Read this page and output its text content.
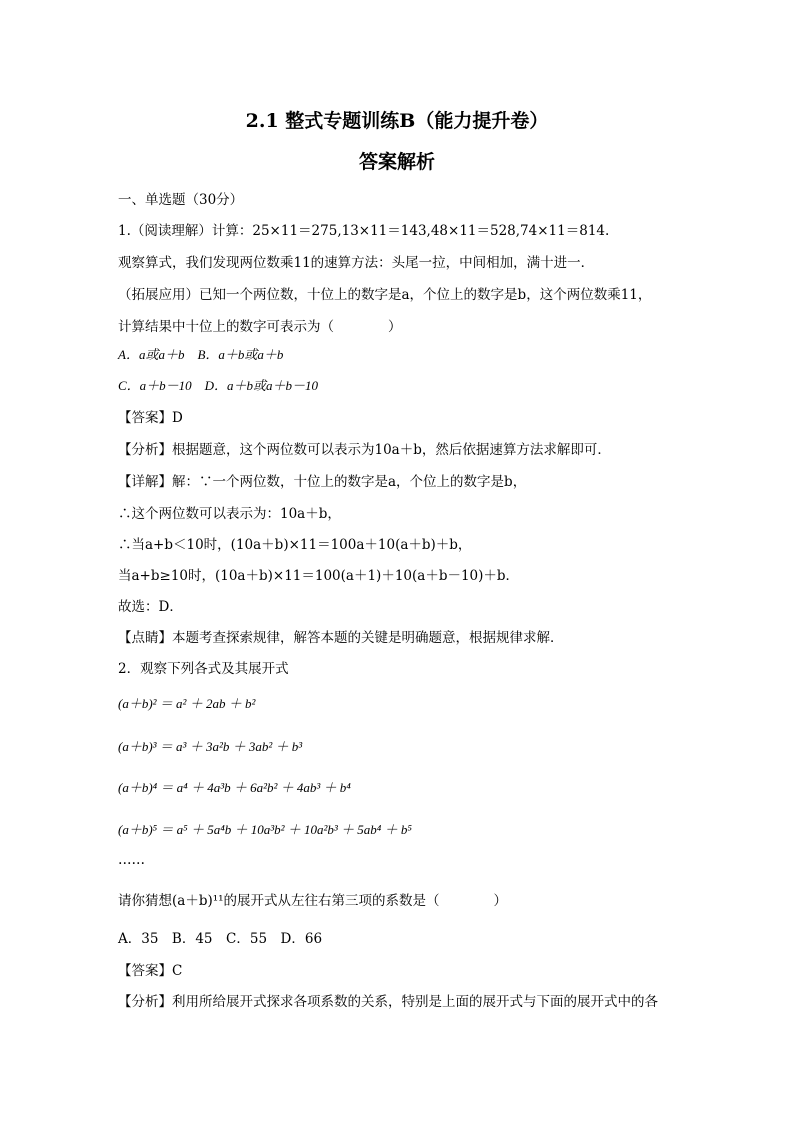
2.1 整式专题训练B（能力提升卷）
答案解析
一、单选题（30分）
1.（阅读理解）计算：25×11＝275,13×11＝143,48×11＝528,74×11＝814.
观察算式，我们发现两位数乘11的速算方法：头尾一拉，中间相加，满十进一．
（拓展应用）已知一个两位数，十位上的数字是a，个位上的数字是b，这个两位数乘11，
计算结果中十位上的数字可表示为（　　　　）
A．a或a＋b　B．a＋b或a＋b
C．a＋b－10　D．a＋b或a＋b－10
【答案】D
【分析】根据题意，这个两位数可以表示为10a＋b，然后依据速算方法求解即可．
【详解】解：∵一个两位数，十位上的数字是a，个位上的数字是b，
∴这个两位数可以表示为：10a＋b，
∴当a+b＜10时，(10a＋b)×11＝100a＋10(a＋b)＋b，
当a+b≥10时，(10a＋b)×11＝100(a＋1)＋10(a＋b－10)＋b．
故选：D．
【点睛】本题考查探索规律，解答本题的关键是明确题意，根据规律求解．
2．观察下列各式及其展开式
(a＋b)² ＝ a² ＋ 2ab ＋ b²
(a＋b)³ ＝ a³ ＋ 3a²b ＋ 3ab² ＋ b³
(a＋b)⁴ ＝ a⁴ ＋ 4a³b ＋ 6a²b² ＋ 4ab³ ＋ b⁴
(a＋b)⁵ ＝ a⁵ ＋ 5a⁴b ＋ 10a³b² ＋ 10a²b³ ＋ 5ab⁴ ＋ b⁵
……
请你猜想(a＋b)¹¹的展开式从左往右第三项的系数是（　　　　）
A．35　B．45　C．55　D．66
【答案】C
【分析】利用所给展开式探求各项系数的关系，特别是上面的展开式与下面的展开式中的各
